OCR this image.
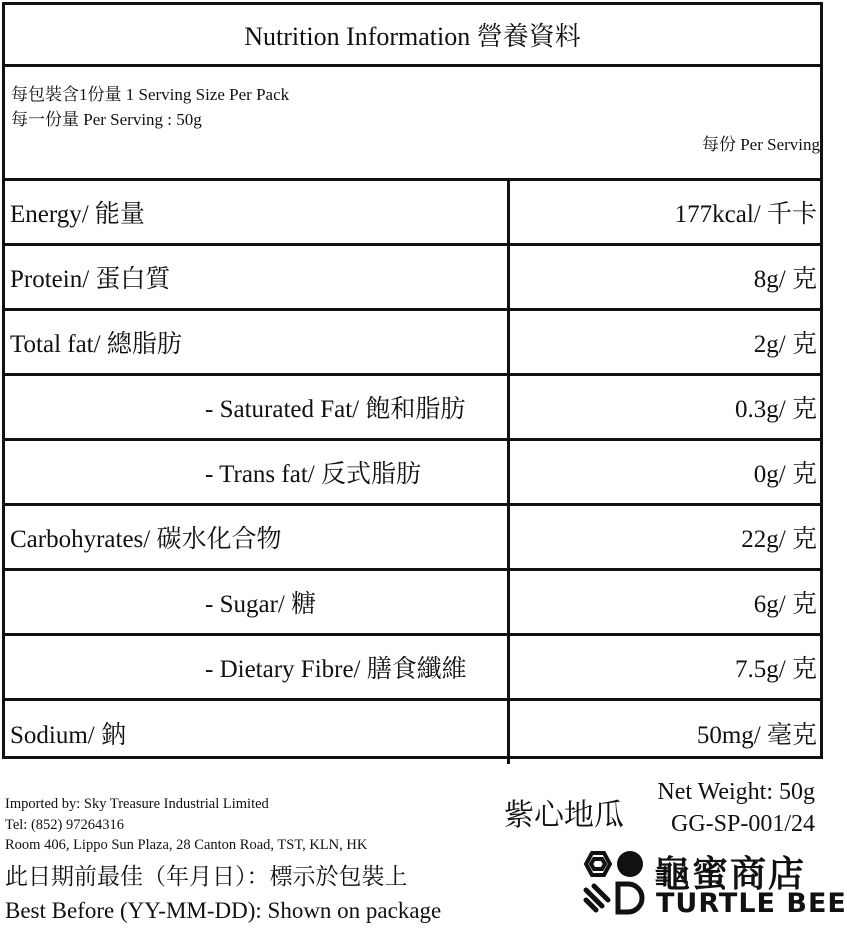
Nutrition Information 營養資料
每包裝含1份量 1 Serving Size Per Pack
每一份量 Per Serving : 50g
每份 Per Serving
Energy/ 能量	177kcal/ 千卡
Protein/ 蛋白質	8g/ 克
Total fat/ 總脂肪	2g/ 克
- Saturated Fat/ 飽和脂肪	0.3g/ 克
- Trans fat/ 反式脂肪	0g/ 克
Carbohyrates/ 碳水化合物	22g/ 克
- Sugar/ 糖	6g/ 克
- Dietary Fibre/ 膳食纖維	7.5g/ 克
Sodium/ 鈉	50mg/ 毫克
Imported by: Sky Treasure Industrial Limited
Tel: (852) 97264316
Room 406, Lippo Sun Plaza, 28 Canton Road, TST, KLN, HK
此日期前最佳（年月日）：標示於包裝上
Best Before (YY-MM-DD): Shown on package
紫心地瓜
Net Weight: 50g
GG-SP-001/24
龜蜜商店
TURTLE BEE
